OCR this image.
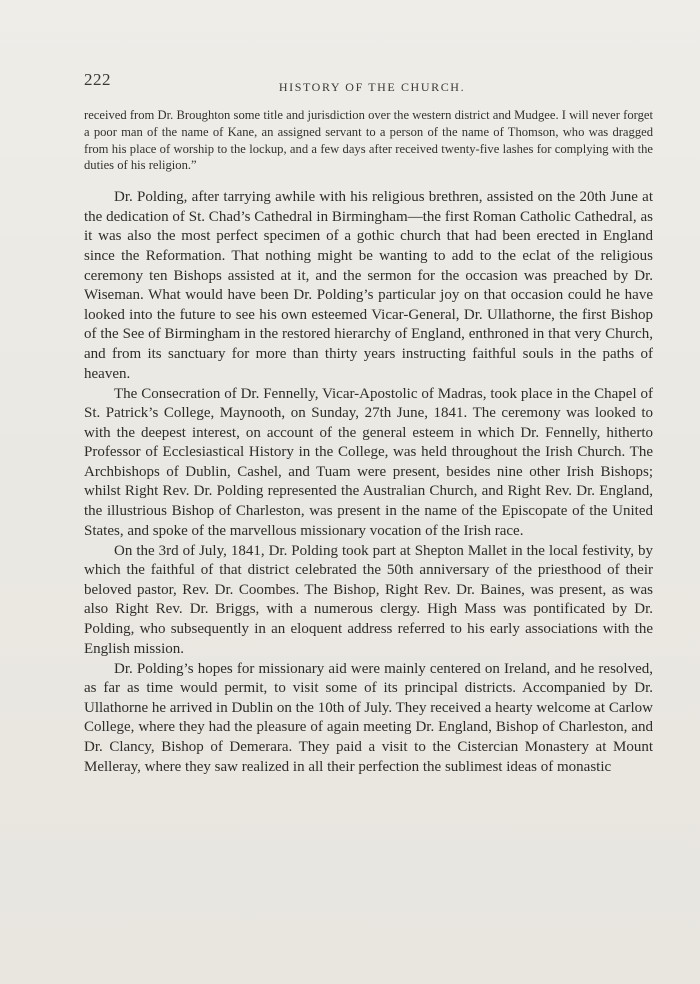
222	HISTORY OF THE CHURCH.

received from Dr. Broughton some title and jurisdiction over the western district and Mudgee. I will never forget a poor man of the name of Kane, an assigned servant to a person of the name of Thomson, who was dragged from his place of worship to the lockup, and a few days after received twenty-five lashes for complying with the duties of his religion.”

Dr. Polding, after tarrying awhile with his religious brethren, assisted on the 20th June at the dedication of St. Chad’s Cathedral in Birmingham—the first Roman Catholic Cathedral, as it was also the most perfect specimen of a gothic church that had been erected in England since the Reformation. That nothing might be wanting to add to the eclat of the religious ceremony ten Bishops assisted at it, and the sermon for the occasion was preached by Dr. Wiseman. What would have been Dr. Polding’s particular joy on that occasion could he have looked into the future to see his own esteemed Vicar-General, Dr. Ullathorne, the first Bishop of the See of Birmingham in the restored hierarchy of England, enthroned in that very Church, and from its sanctuary for more than thirty years instructing faithful souls in the paths of heaven.

The Consecration of Dr. Fennelly, Vicar-Apostolic of Madras, took place in the Chapel of St. Patrick’s College, Maynooth, on Sunday, 27th June, 1841. The ceremony was looked to with the deepest interest, on account of the general esteem in which Dr. Fennelly, hitherto Professor of Ecclesiastical History in the College, was held throughout the Irish Church. The Archbishops of Dublin, Cashel, and Tuam were present, besides nine other Irish Bishops; whilst Right Rev. Dr. Polding represented the Australian Church, and Right Rev. Dr. England, the illustrious Bishop of Charleston, was present in the name of the Episcopate of the United States, and spoke of the marvellous missionary vocation of the Irish race.

On the 3rd of July, 1841, Dr. Polding took part at Shepton Mallet in the local festivity, by which the faithful of that district celebrated the 50th anniversary of the priesthood of their beloved pastor, Rev. Dr. Coombes. The Bishop, Right Rev. Dr. Baines, was present, as was also Right Rev. Dr. Briggs, with a numerous clergy. High Mass was pontificated by Dr. Polding, who subsequently in an eloquent address referred to his early associations with the English mission.

Dr. Polding’s hopes for missionary aid were mainly centered on Ireland, and he resolved, as far as time would permit, to visit some of its principal districts. Accompanied by Dr. Ullathorne he arrived in Dublin on the 10th of July. They received a hearty welcome at Carlow College, where they had the pleasure of again meeting Dr. England, Bishop of Charleston, and Dr. Clancy, Bishop of Demerara. They paid a visit to the Cistercian Monastery at Mount Melleray, where they saw realized in all their perfection the sublimest ideas of monastic
